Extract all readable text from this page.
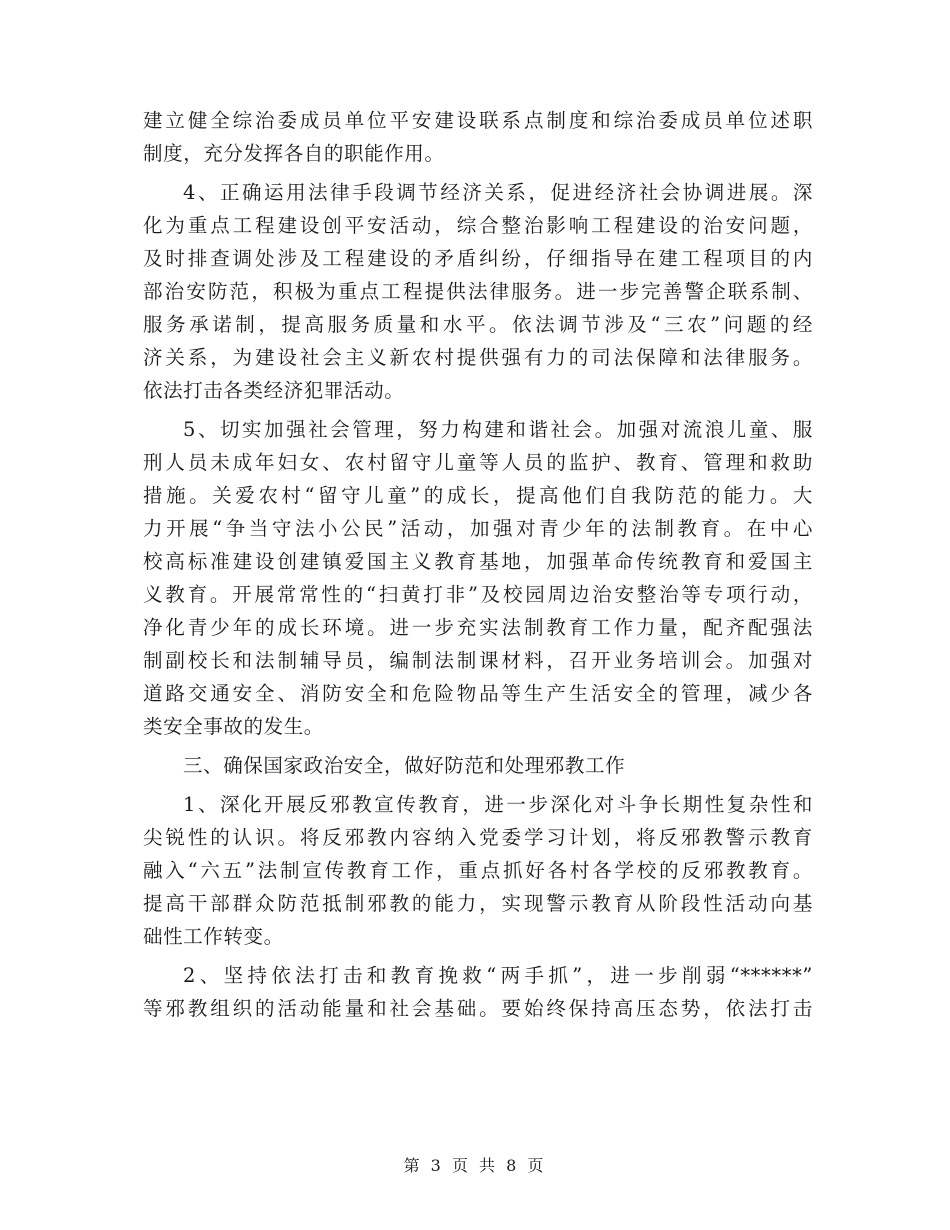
建立健全综治委成员单位平安建设联系点制度和综治委成员单位述职
制度，充分发挥各自的职能作用。
4、正确运用法律手段调节经济关系，促进经济社会协调进展。深
化为重点工程建设创平安活动，综合整治影响工程建设的治安问题，
及时排查调处涉及工程建设的矛盾纠纷，仔细指导在建工程项目的内
部治安防范，积极为重点工程提供法律服务。进一步完善警企联系制、
服务承诺制，提高服务质量和水平。依法调节涉及“三农”问题的经
济关系，为建设社会主义新农村提供强有力的司法保障和法律服务。
依法打击各类经济犯罪活动。
5、切实加强社会管理，努力构建和谐社会。加强对流浪儿童、服
刑人员未成年妇女、农村留守儿童等人员的监护、教育、管理和救助
措施。关爱农村“留守儿童”的成长，提高他们自我防范的能力。大
力开展“争当守法小公民”活动，加强对青少年的法制教育。在中心
校高标准建设创建镇爱国主义教育基地，加强革命传统教育和爱国主
义教育。开展常常性的“扫黄打非”及校园周边治安整治等专项行动，
净化青少年的成长环境。进一步充实法制教育工作力量，配齐配强法
制副校长和法制辅导员，编制法制课材料，召开业务培训会。加强对
道路交通安全、消防安全和危险物品等生产生活安全的管理，减少各
类安全事故的发生。
三、确保国家政治安全，做好防范和处理邪教工作
1、深化开展反邪教宣传教育，进一步深化对斗争长期性复杂性和
尖锐性的认识。将反邪教内容纳入党委学习计划，将反邪教警示教育
融入“六五”法制宣传教育工作，重点抓好各村各学校的反邪教教育。
提高干部群众防范抵制邪教的能力，实现警示教育从阶段性活动向基
础性工作转变。
2、坚持依法打击和教育挽救“两手抓”，进一步削弱“******”
等邪教组织的活动能量和社会基础。要始终保持高压态势，依法打击
第 3 页 共 8 页
